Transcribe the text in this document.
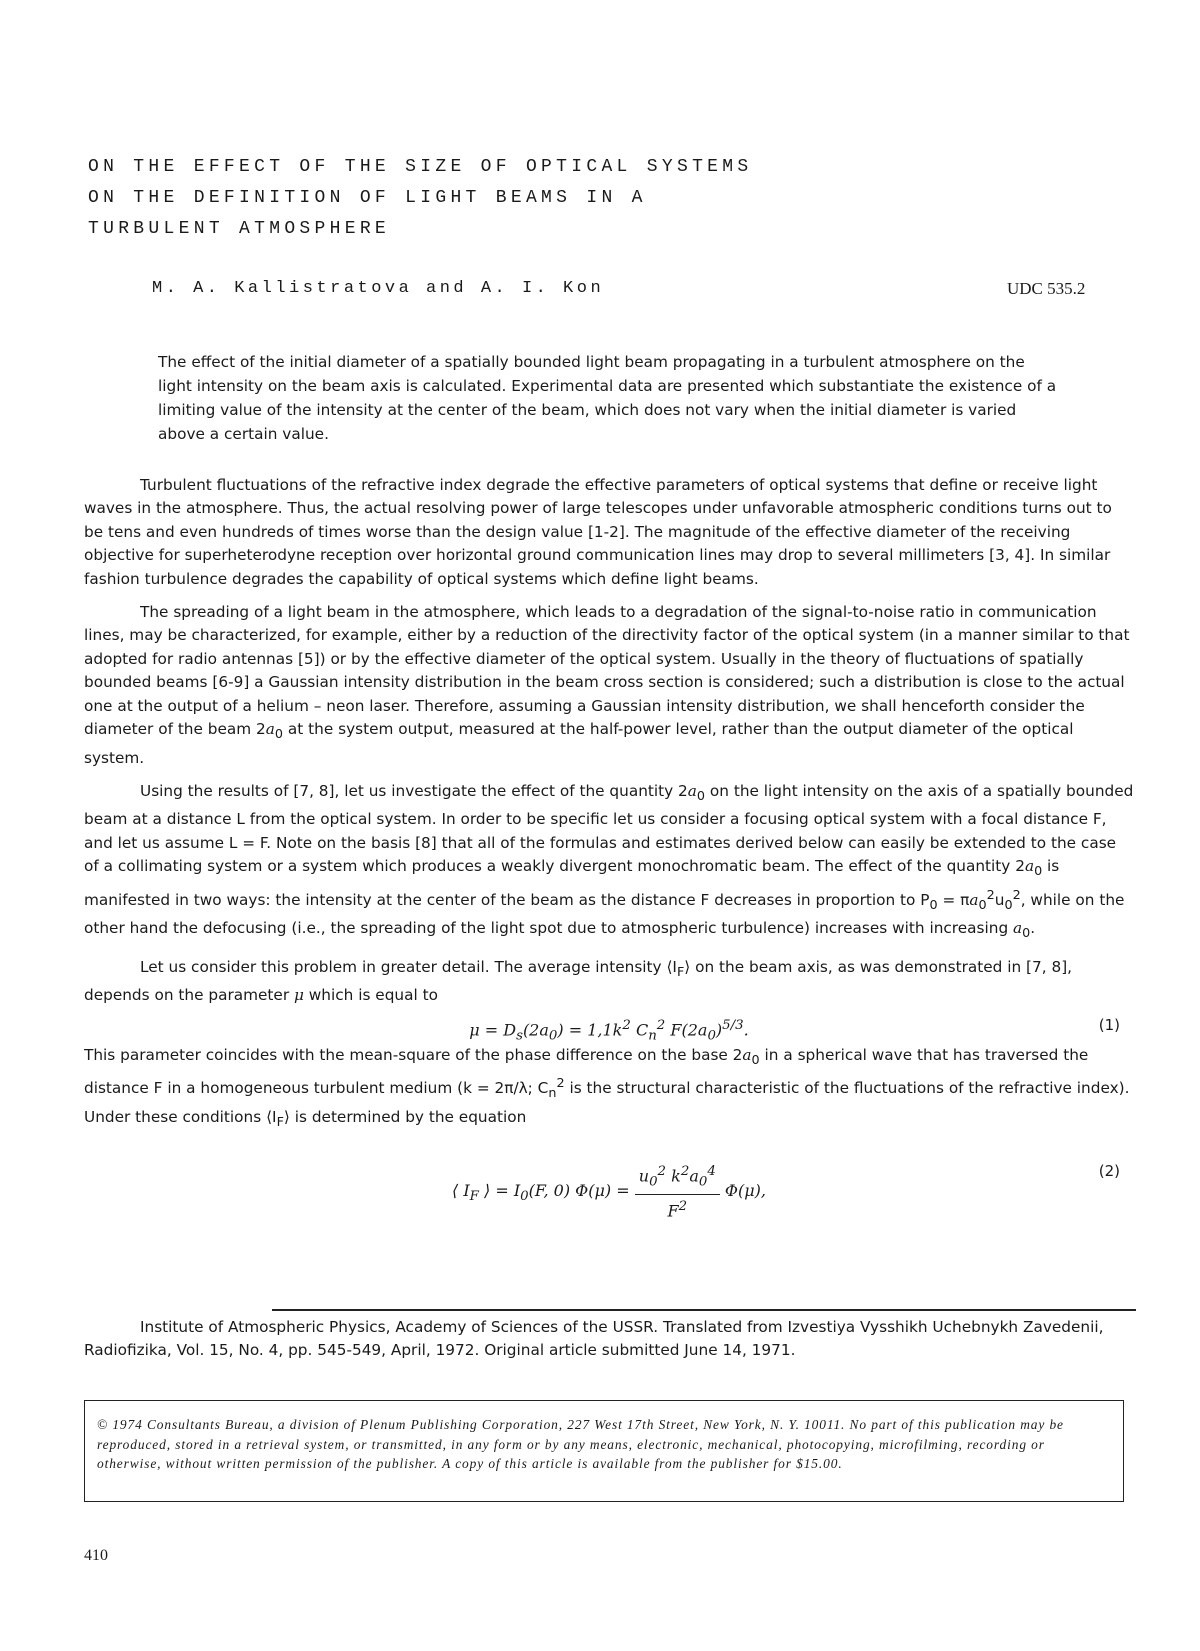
ON THE EFFECT OF THE SIZE OF OPTICAL SYSTEMS
ON THE DEFINITION OF LIGHT BEAMS IN A
TURBULENT ATMOSPHERE
M. A. Kallistratova and A. I. Kon	UDC 535.2

The effect of the initial diameter of a spatially bounded light beam propagating in a turbulent atmosphere on the light intensity on the beam axis is calculated. Experimental data are presented which substantiate the existence of a limiting value of the intensity at the center of the beam, which does not vary when the initial diameter is varied above a certain value.

Turbulent fluctuations of the refractive index degrade the effective parameters of optical systems that define or receive light waves in the atmosphere. Thus, the actual resolving power of large telescopes under unfavorable atmospheric conditions turns out to be tens and even hundreds of times worse than the design value [1-2]. The magnitude of the effective diameter of the receiving objective for superheterodyne reception over horizontal ground communication lines may drop to several millimeters [3, 4]. In similar fashion turbulence degrades the capability of optical systems which define light beams.

The spreading of a light beam in the atmosphere, which leads to a degradation of the signal-to-noise ratio in communication lines, may be characterized, for example, either by a reduction of the directivity factor of the optical system (in a manner similar to that adopted for radio antennas [5]) or by the effective diameter of the optical system. Usually in the theory of fluctuations of spatially bounded beams [6-9] a Gaussian intensity distribution in the beam cross section is considered; such a distribution is close to the actual one at the output of a helium – neon laser. Therefore, assuming a Gaussian intensity distribution, we shall henceforth consider the diameter of the beam $2a_0$ at the system output, measured at the half-power level, rather than the output diameter of the optical system.

Using the results of [7, 8], let us investigate the effect of the quantity $2a_0$ on the light intensity on the axis of a spatially bounded beam at a distance L from the optical system. In order to be specific let us consider a focusing optical system with a focal distance F, and let us assume L = F. Note on the basis [8] that all of the formulas and estimates derived below can easily be extended to the case of a collimating system or a system which produces a weakly divergent monochromatic beam. The effect of the quantity $2a_0$ is manifested in two ways: the intensity at the center of the beam as the distance F decreases in proportion to $P_0 = \pi a_0^2u_0^2$, while on the other hand the defocusing (i.e., the spreading of the light spot due to atmospheric turbulence) increases with increasing $a_0$.

Let us consider this problem in greater detail. The average intensity $⟨I_F⟩$ on the beam axis, as was demonstrated in [7, 8], depends on the parameter μ which is equal to

$\mu = D_s(2a_0) = 1,1k^2$ $C_n^2$ $F(2a_0)^{5/3}$.	(1)

This parameter coincides with the mean-square of the phase difference on the base $2a_0$ in a spherical wave that has traversed the distance F in a homogeneous turbulent medium (k = 2π/λ; $C_n^2$ is the structural characteristic of the fluctuations of the refractive index). Under these conditions $⟨I_F⟩$ is determined by the equation

⟨ $I_F$ ⟩ = $I_0(F$, 0) $\Phi(\mu) = \frac{u_0^2 k^2a_0^4}{F^2} \Phi(\mu)$,
(2)

Institute of Atmospheric Physics, Academy of Sciences of the USSR. Translated from Izvestiya Vysshikh Uchebnykh Zavedenii, Radiofizika, Vol. 15, No. 4, pp. 545-549, April, 1972. Original article submitted June 14, 1971.

© 1974 Consultants Bureau, a division of Plenum Publishing Corporation, 227 West 17th Street, New York, N. Y. 10011. No part of this publication may be reproduced, stored in a retrieval system, or transmitted, in any form or by any means, electronic, mechanical, photocopying, microfilming, recording or otherwise, without written permission of the publisher. A copy of this article is available from the publisher for $15.00.
410
